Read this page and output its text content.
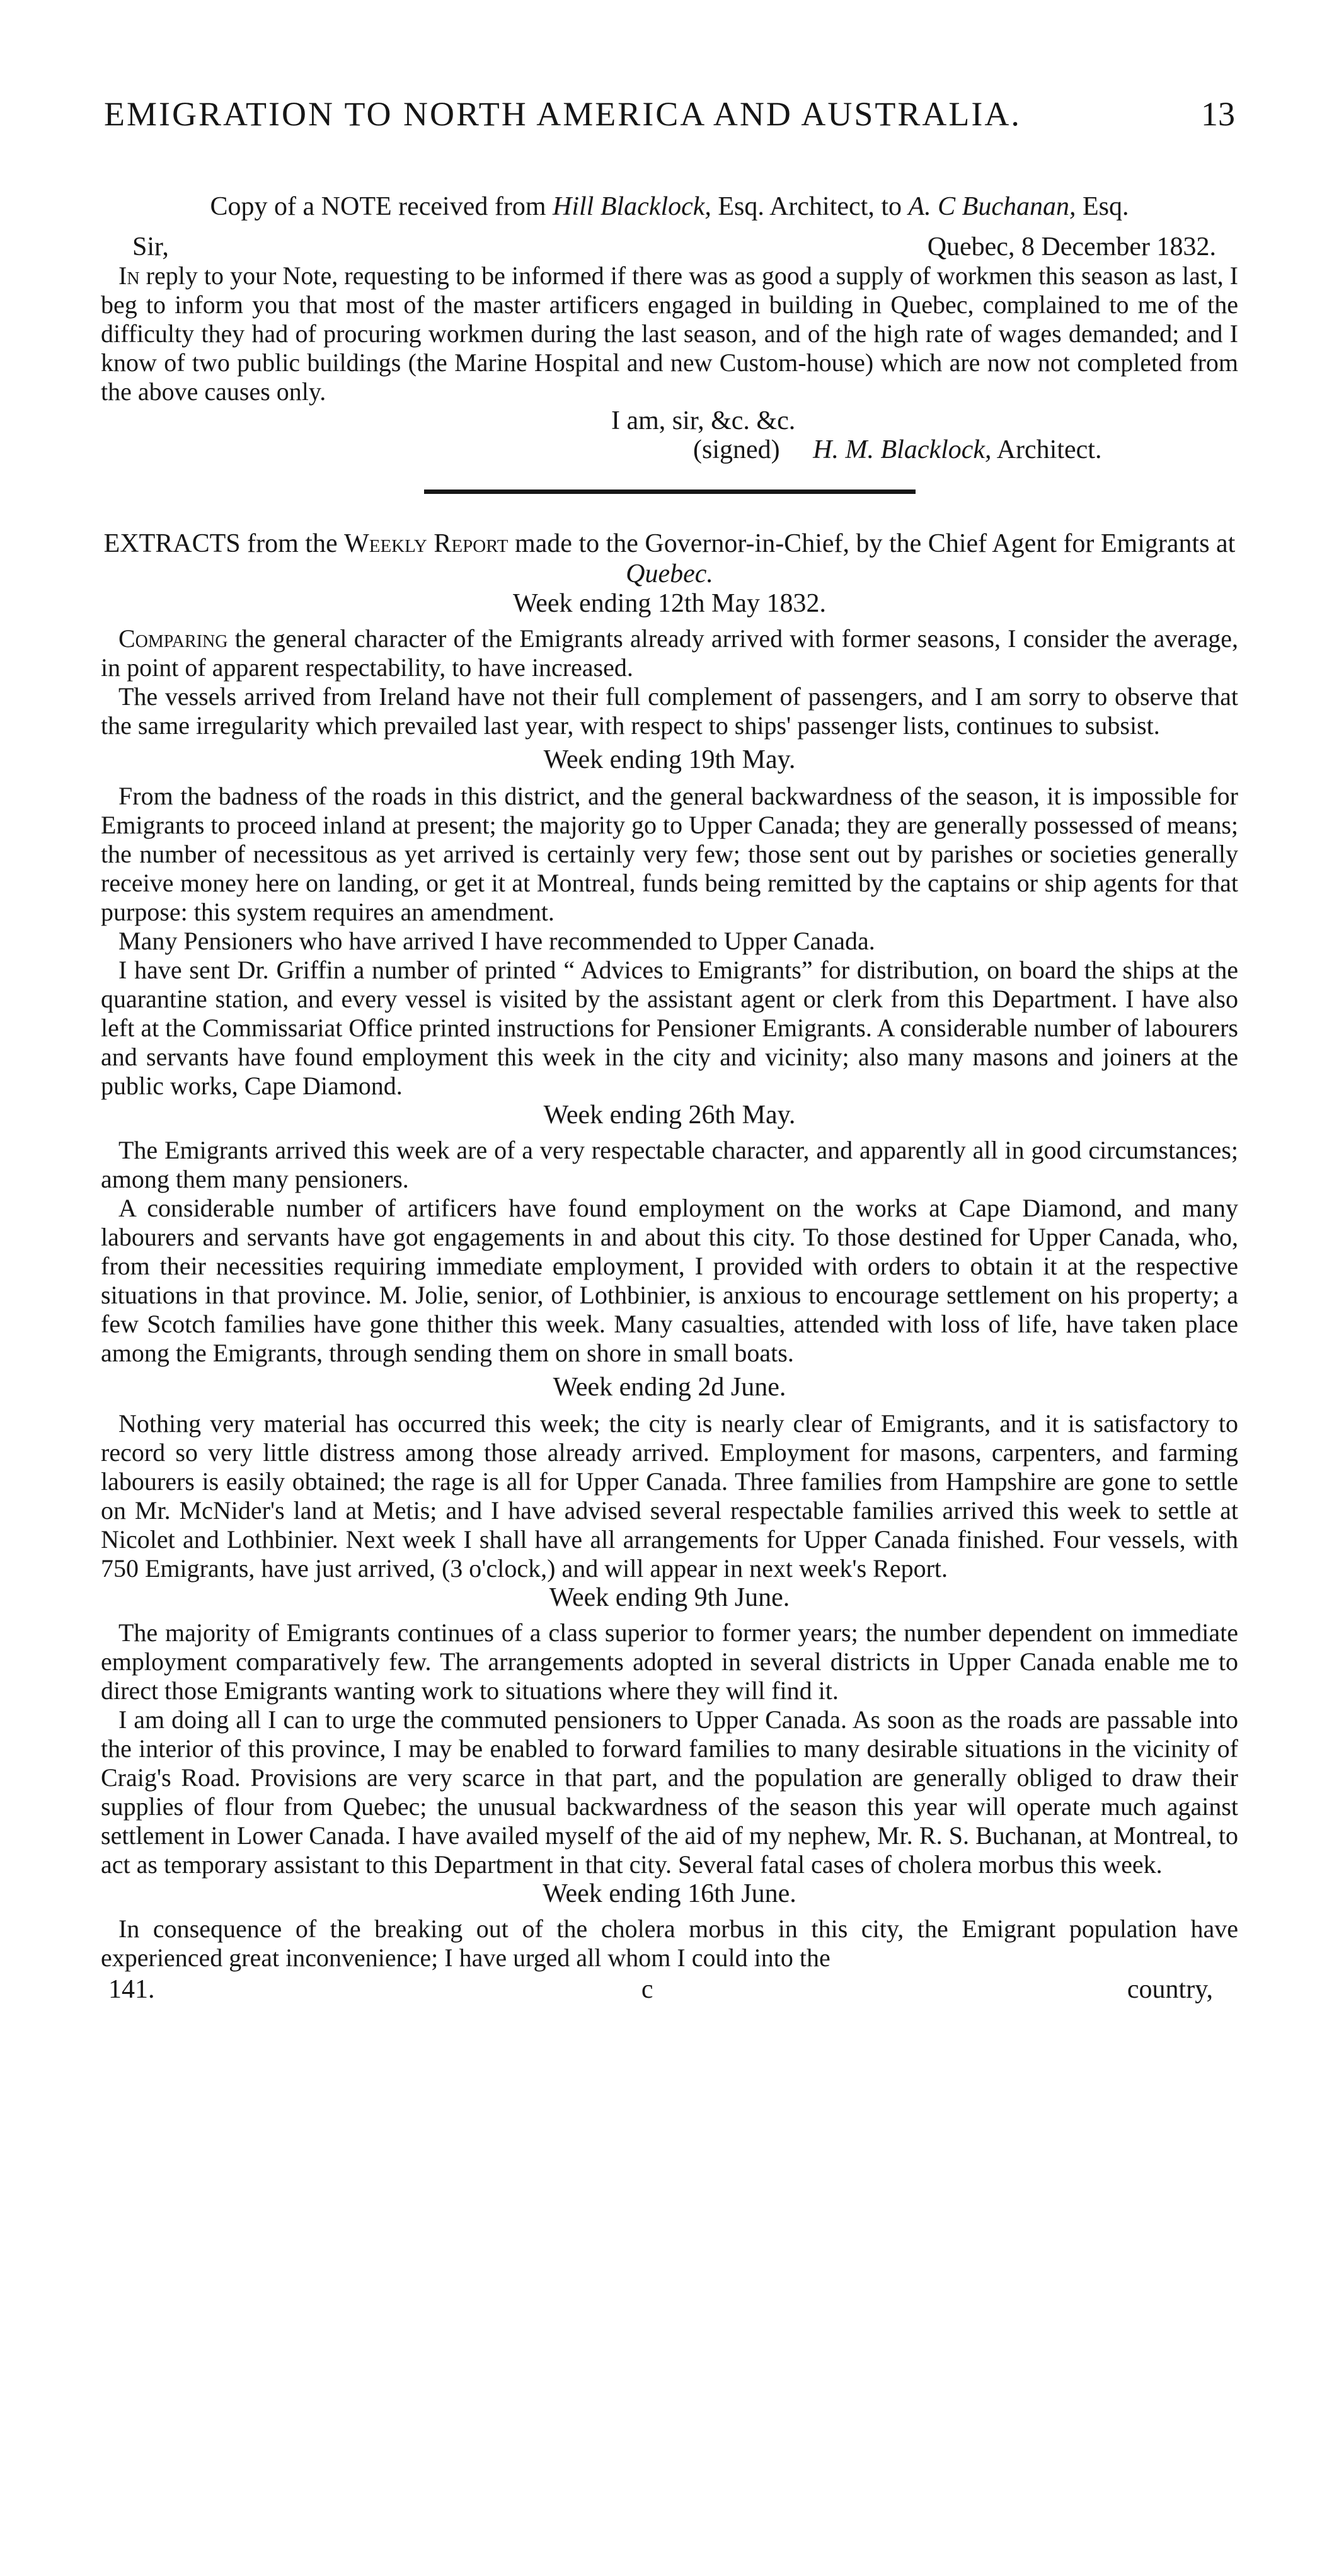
EMIGRATION TO NORTH AMERICA AND AUSTRALIA.	13

Copy of a NOTE received from Hill Blacklock, Esq. Architect, to A. C Buchanan, Esq.

Sir,	Quebec, 8 December 1832.

In reply to your Note, requesting to be informed if there was as good a supply of workmen this season as last, I beg to inform you that most of the master artificers engaged in building in Quebec, complained to me of the difficulty they had of procuring workmen during the last season, and of the high rate of wages demanded; and I know of two public buildings (the Marine Hospital and new Custom-house) which are now not completed from the above causes only.

I am, sir, &c. &c.

(signed) H. M. Blacklock, Architect.

EXTRACTS from the Weekly Report made to the Governor-in-Chief, by the Chief Agent for Emigrants at Quebec.

Week ending 12th May 1832.

Comparing the general character of the Emigrants already arrived with former seasons, I consider the average, in point of apparent respectability, to have increased.

The vessels arrived from Ireland have not their full complement of passengers, and I am sorry to observe that the same irregularity which prevailed last year, with respect to ships' passenger lists, continues to subsist.

Week ending 19th May.

From the badness of the roads in this district, and the general backwardness of the season, it is impossible for Emigrants to proceed inland at present; the majority go to Upper Canada; they are generally possessed of means; the number of necessitous as yet arrived is certainly very few; those sent out by parishes or societies generally receive money here on landing, or get it at Montreal, funds being remitted by the captains or ship agents for that purpose: this system requires an amendment.

Many Pensioners who have arrived I have recommended to Upper Canada.

I have sent Dr. Griffin a number of printed “ Advices to Emigrants” for distribution, on board the ships at the quarantine station, and every vessel is visited by the assistant agent or clerk from this Department. I have also left at the Commissariat Office printed instructions for Pensioner Emigrants. A considerable number of labourers and servants have found employment this week in the city and vicinity; also many masons and joiners at the public works, Cape Diamond.

Week ending 26th May.

The Emigrants arrived this week are of a very respectable character, and apparently all in good circumstances; among them many pensioners.

A considerable number of artificers have found employment on the works at Cape Diamond, and many labourers and servants have got engagements in and about this city. To those destined for Upper Canada, who, from their necessities requiring immediate employment, I provided with orders to obtain it at the respective situations in that province. M. Jolie, senior, of Lothbinier, is anxious to encourage settlement on his property; a few Scotch families have gone thither this week. Many casualties, attended with loss of life, have taken place among the Emigrants, through sending them on shore in small boats.

Week ending 2d June.

Nothing very material has occurred this week; the city is nearly clear of Emigrants, and it is satisfactory to record so very little distress among those already arrived. Employment for masons, carpenters, and farming labourers is easily obtained; the rage is all for Upper Canada. Three families from Hampshire are gone to settle on Mr. McNider's land at Metis; and I have advised several respectable families arrived this week to settle at Nicolet and Lothbinier. Next week I shall have all arrangements for Upper Canada finished. Four vessels, with 750 Emigrants, have just arrived, (3 o'clock,) and will appear in next week's Report.

Week ending 9th June.

The majority of Emigrants continues of a class superior to former years; the number dependent on immediate employment comparatively few. The arrangements adopted in several districts in Upper Canada enable me to direct those Emigrants wanting work to situations where they will find it.

I am doing all I can to urge the commuted pensioners to Upper Canada. As soon as the roads are passable into the interior of this province, I may be enabled to forward families to many desirable situations in the vicinity of Craig's Road. Provisions are very scarce in that part, and the population are generally obliged to draw their supplies of flour from Quebec; the unusual backwardness of the season this year will operate much against settlement in Lower Canada. I have availed myself of the aid of my nephew, Mr. R. S. Buchanan, at Montreal, to act as temporary assistant to this Department in that city. Several fatal cases of cholera morbus this week.

Week ending 16th June.

In consequence of the breaking out of the cholera morbus in this city, the Emigrant population have experienced great inconvenience; I have urged all whom I could into the

141.	c	country,
